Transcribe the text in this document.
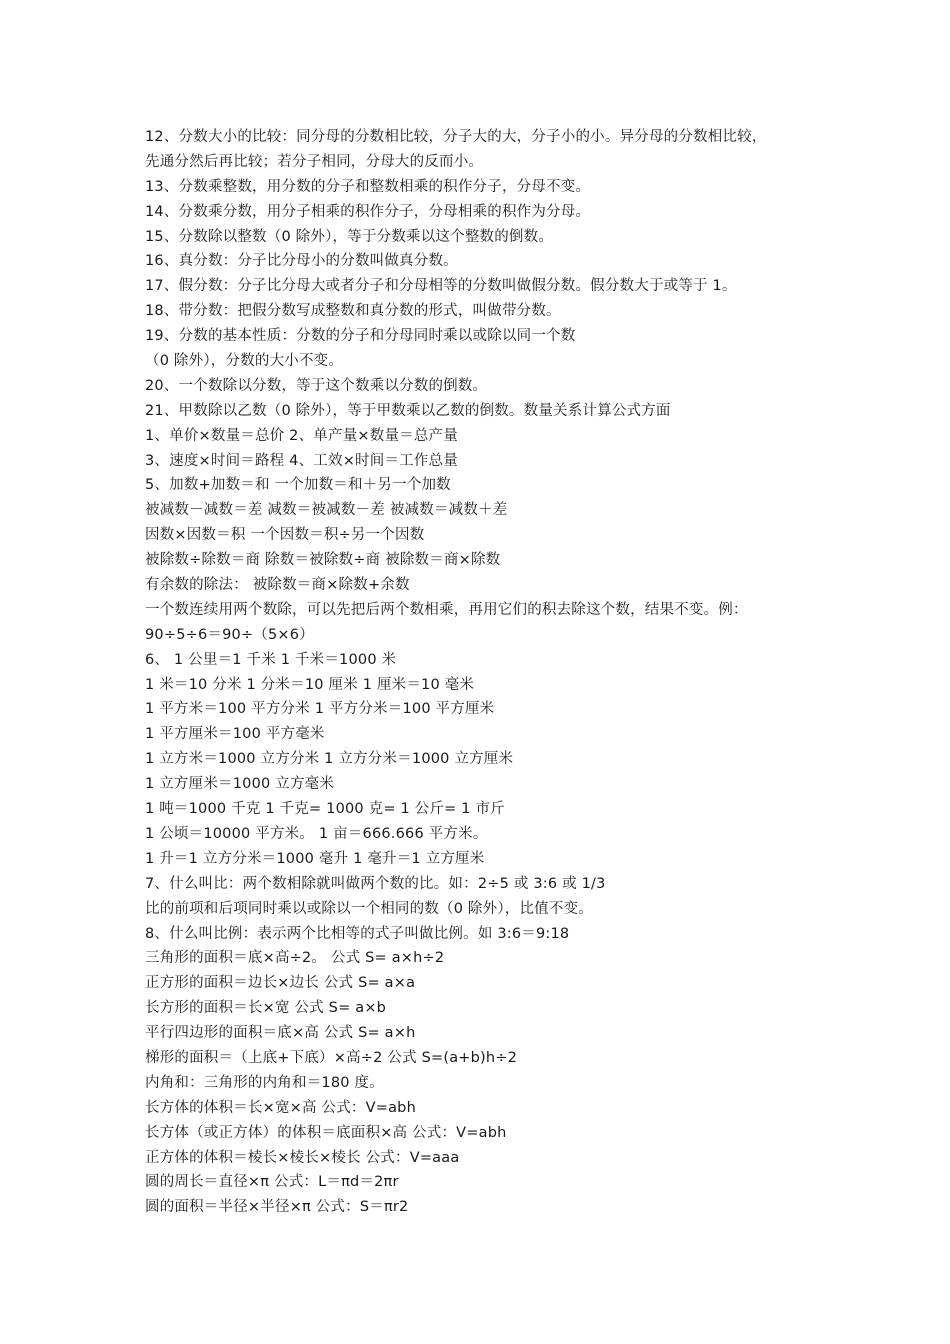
12、分数大小的比较：同分母的分数相比较，分子大的大，分子小的小。异分母的分数相比较，
先通分然后再比较；若分子相同，分母大的反而小。
13、分数乘整数，用分数的分子和整数相乘的积作分子，分母不变。
14、分数乘分数，用分子相乘的积作分子，分母相乘的积作为分母。
15、分数除以整数（0 除外），等于分数乘以这个整数的倒数。
16、真分数：分子比分母小的分数叫做真分数。
17、假分数：分子比分母大或者分子和分母相等的分数叫做假分数。假分数大于或等于 1。
18、带分数：把假分数写成整数和真分数的形式，叫做带分数。
19、分数的基本性质：分数的分子和分母同时乘以或除以同一个数
（0 除外），分数的大小不变。
20、一个数除以分数，等于这个数乘以分数的倒数。
21、甲数除以乙数（0 除外），等于甲数乘以乙数的倒数。数量关系计算公式方面
1、单价×数量＝总价 2、单产量×数量＝总产量
3、速度×时间＝路程 4、工效×时间＝工作总量
5、加数+加数＝和 一个加数＝和＋另一个加数
被减数－减数＝差 减数＝被减数－差 被减数＝减数＋差
因数×因数＝积 一个因数＝积÷另一个因数
被除数÷除数＝商 除数＝被除数÷商 被除数＝商×除数
有余数的除法： 被除数＝商×除数+余数
一个数连续用两个数除，可以先把后两个数相乘，再用它们的积去除这个数，结果不变。例：
90÷5÷6＝90÷（5×6）
6、 1 公里＝1 千米 1 千米＝1000 米
1 米＝10 分米 1 分米＝10 厘米 1 厘米＝10 毫米
1 平方米＝100 平方分米 1 平方分米＝100 平方厘米
1 平方厘米＝100 平方毫米
1 立方米＝1000 立方分米 1 立方分米＝1000 立方厘米
1 立方厘米＝1000 立方毫米
1 吨＝1000 千克 1 千克= 1000 克= 1 公斤= 1 市斤
1 公顷＝10000 平方米。 1 亩＝666.666 平方米。
1 升＝1 立方分米＝1000 毫升 1 毫升＝1 立方厘米
7、什么叫比：两个数相除就叫做两个数的比。如：2÷5 或 3:6 或 1/3
比的前项和后项同时乘以或除以一个相同的数（0 除外），比值不变。
8、什么叫比例：表示两个比相等的式子叫做比例。如 3:6＝9:18
三角形的面积＝底×高÷2。 公式 S= a×h÷2
正方形的面积＝边长×边长 公式 S= a×a
长方形的面积＝长×宽 公式 S= a×b
平行四边形的面积＝底×高 公式 S= a×h
梯形的面积＝（上底+下底）×高÷2 公式 S=(a+b)h÷2
内角和：三角形的内角和＝180 度。
长方体的体积＝长×宽×高 公式：V=abh
长方体（或正方体）的体积＝底面积×高 公式：V=abh
正方体的体积＝棱长×棱长×棱长 公式：V=aaa
圆的周长＝直径×π 公式：L＝πd＝2πr
圆的面积＝半径×半径×π 公式：S＝πr2
